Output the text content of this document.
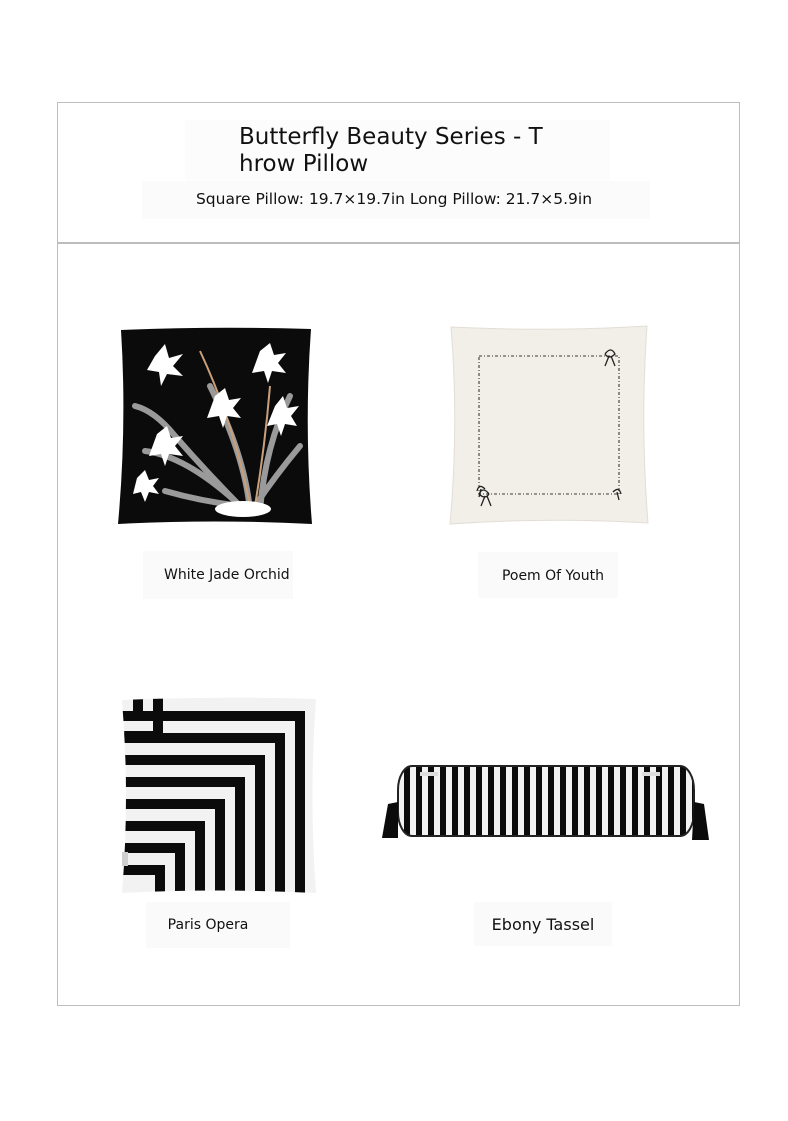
Butterfly Beauty Series - Throw Pillow
Square Pillow: 19.7×19.7in Long Pillow: 21.7×5.9in
White Jade Orchid	Poem Of Youth
Paris Opera	Ebony Tassel
